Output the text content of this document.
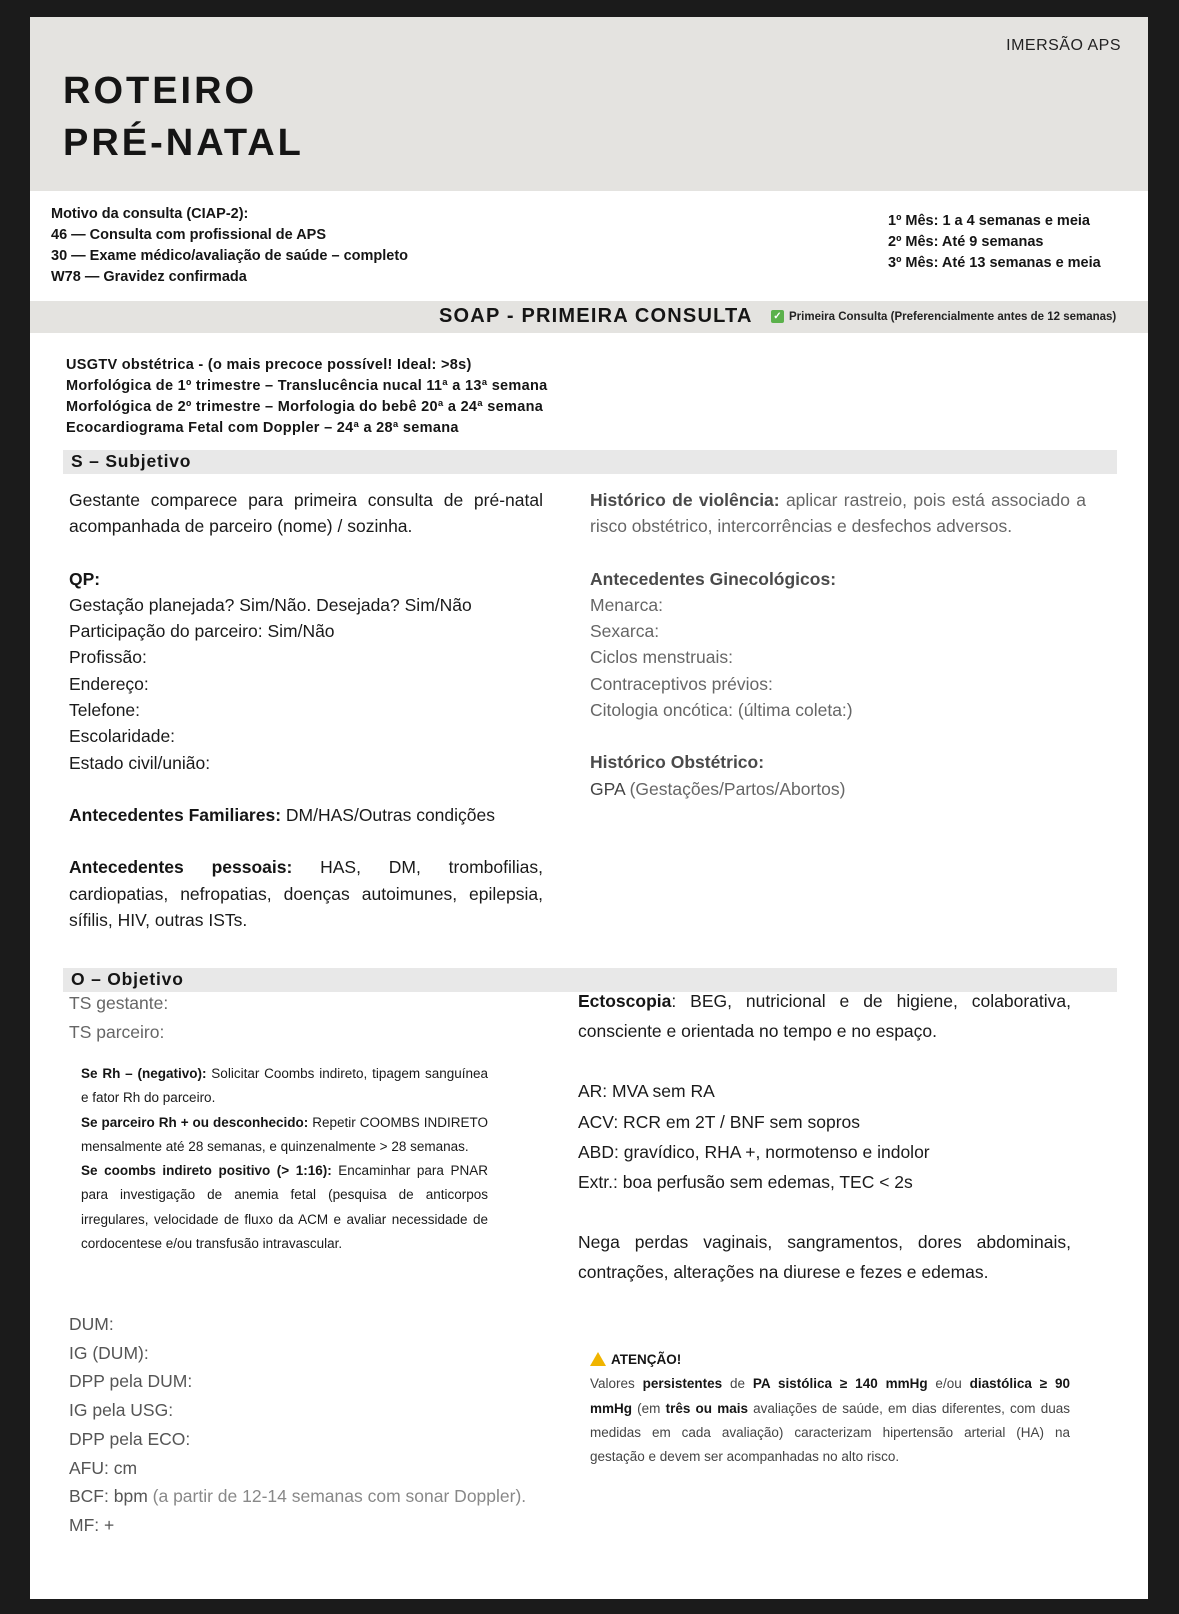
IMERSÃO APS
ROTEIRO
PRÉ-NATAL
Motivo da consulta (CIAP-2):
46 — Consulta com profissional de APS
30 — Exame médico/avaliação de saúde – completo
W78 — Gravidez confirmada
1º Mês: 1 a 4 semanas e meia
2º Mês: Até 9 semanas
3º Mês: Até 13 semanas e meia
SOAP - PRIMEIRA CONSULTA ✓ Primeira Consulta (Preferencialmente antes de 12 semanas)
USGTV obstétrica - (o mais precoce possível! Ideal: >8s)
Morfológica de 1º trimestre – Translucência nucal 11ª a 13ª semana
Morfológica de 2º trimestre – Morfologia do bebê 20ª a 24ª semana
Ecocardiograma Fetal com Doppler – 24ª a 28ª semana
S – Subjetivo
Gestante comparece para primeira consulta de pré-natal acompanhada de parceiro (nome) / sozinha.
QP:
Gestação planejada? Sim/Não. Desejada? Sim/Não
Participação do parceiro: Sim/Não
Profissão:
Endereço:
Telefone:
Escolaridade:
Estado civil/união:
Antecedentes Familiares: DM/HAS/Outras condições
Antecedentes pessoais: HAS, DM, trombofilias, cardiopatias, nefropatias, doenças autoimunes, epilepsia, sífilis, HIV, outras ISTs.
Histórico de violência: aplicar rastreio, pois está associado a risco obstétrico, intercorrências e desfechos adversos.
Antecedentes Ginecológicos:
Menarca:
Sexarca:
Ciclos menstruais:
Contraceptivos prévios:
Citologia oncótica: (última coleta:)
Histórico Obstétrico:
GPA (Gestações/Partos/Abortos)
O – Objetivo
TS gestante:
TS parceiro:
Se Rh – (negativo): Solicitar Coombs indireto, tipagem sanguínea e fator Rh do parceiro.
Se parceiro Rh + ou desconhecido: Repetir COOMBS INDIRETO mensalmente até 28 semanas, e quinzenalmente > 28 semanas.
Se coombs indireto positivo (> 1:16): Encaminhar para PNAR para investigação de anemia fetal (pesquisa de anticorpos irregulares, velocidade de fluxo da ACM e avaliar necessidade de cordocentese e/ou transfusão intravascular.
DUM:
IG (DUM):
DPP pela DUM:
IG pela USG:
DPP pela ECO:
AFU: cm
BCF: bpm (a partir de 12-14 semanas com sonar Doppler).
MF: +
Ectoscopia: BEG, nutricional e de higiene, colaborativa, consciente e orientada no tempo e no espaço.
AR: MVA sem RA
ACV: RCR em 2T / BNF sem sopros
ABD: gravídico, RHA +, normotenso e indolor
Extr.: boa perfusão sem edemas, TEC < 2s
Nega perdas vaginais, sangramentos, dores abdominais, contrações, alterações na diurese e fezes e edemas.
ATENÇÃO!
Valores persistentes de PA sistólica ≥ 140 mmHg e/ou diastólica ≥ 90 mmHg (em três ou mais avaliações de saúde, em dias diferentes, com duas medidas em cada avaliação) caracterizam hipertensão arterial (HA) na gestação e devem ser acompanhadas no alto risco.
